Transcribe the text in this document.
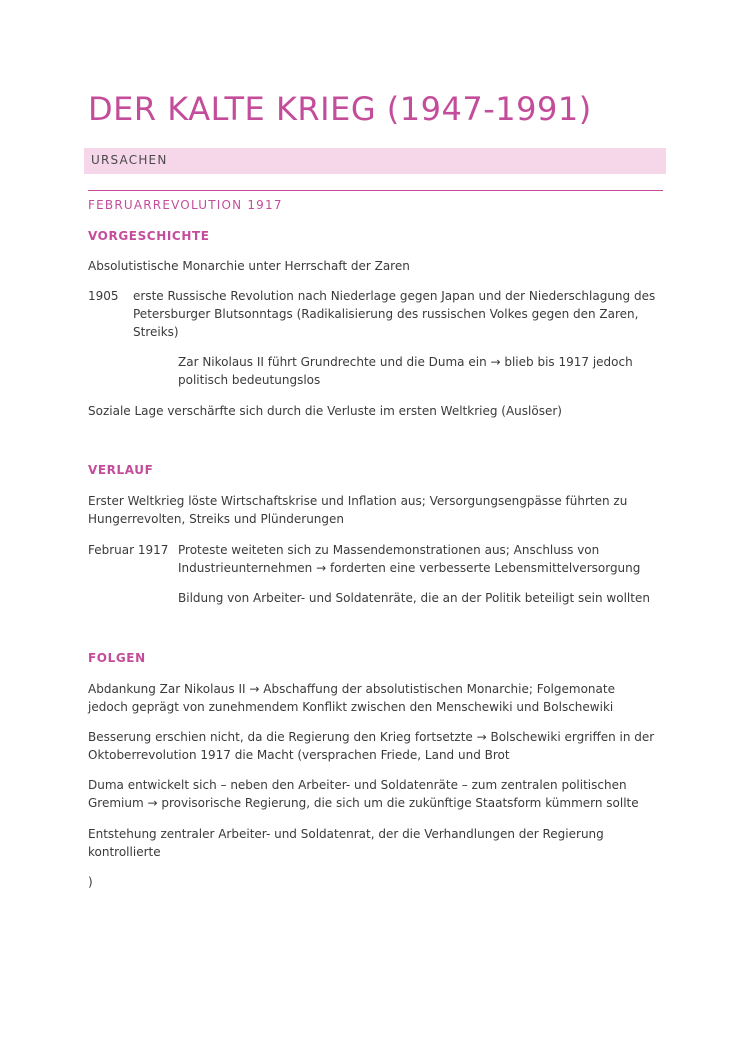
DER KALTE KRIEG (1947-1991)
URSACHEN
FEBRUARREVOLUTION 1917
VORGESCHICHTE
Absolutistische Monarchie unter Herrschaft der Zaren
1905 erste Russische Revolution nach Niederlage gegen Japan und der Niederschlagung des Petersburger Blutsonntags (Radikalisierung des russischen Volkes gegen den Zaren, Streiks)
Zar Nikolaus II führt Grundrechte und die Duma ein → blieb bis 1917 jedoch politisch bedeutungslos
Soziale Lage verschärfte sich durch die Verluste im ersten Weltkrieg (Auslöser)
VERLAUF
Erster Weltkrieg löste Wirtschaftskrise und Inflation aus; Versorgungsengpässe führten zu Hungerrevolten, Streiks und Plünderungen
Februar 1917 Proteste weiteten sich zu Massendemonstrationen aus; Anschluss von Industrieunternehmen → forderten eine verbesserte Lebensmittelversorgung
Bildung von Arbeiter- und Soldatenräte, die an der Politik beteiligt sein wollten
FOLGEN
Abdankung Zar Nikolaus II → Abschaffung der absolutistischen Monarchie; Folgemonate jedoch geprägt von zunehmendem Konflikt zwischen den Menschewiki und Bolschewiki
Besserung erschien nicht, da die Regierung den Krieg fortsetzte → Bolschewiki ergriffen in der Oktoberrevolution 1917 die Macht (versprachen Friede, Land und Brot
Duma entwickelt sich – neben den Arbeiter- und Soldatenräte – zum zentralen politischen Gremium → provisorische Regierung, die sich um die zukünftige Staatsform kümmern sollte
Entstehung zentraler Arbeiter- und Soldatenrat, der die Verhandlungen der Regierung kontrollierte
)
